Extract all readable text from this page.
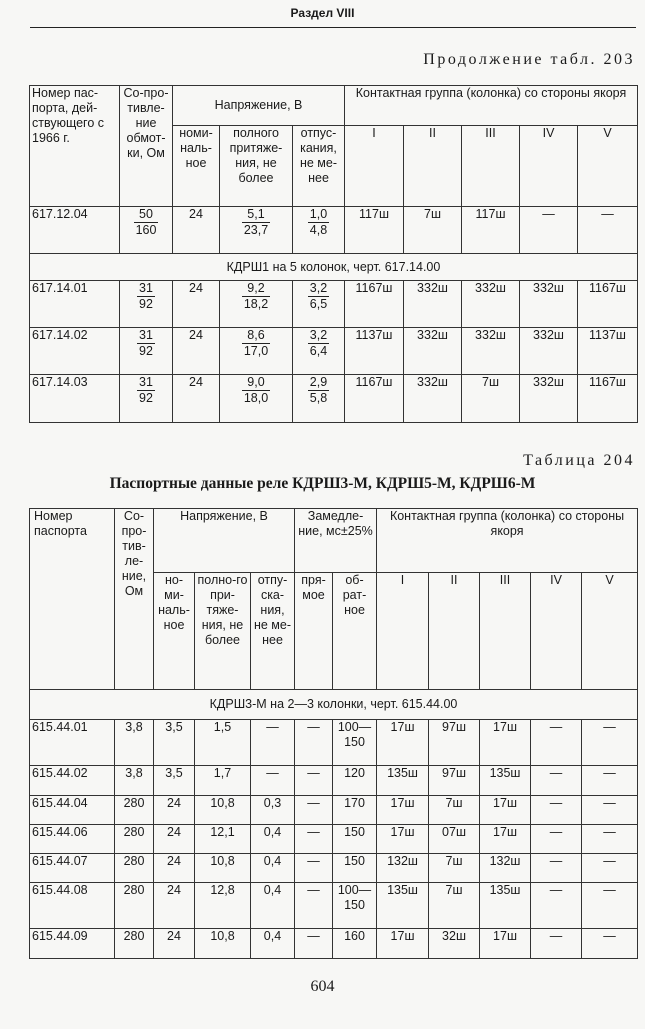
Раздел VIII
Продолжение табл. 203
Номер пас-порта, дей-ствующего с 1966 г.	Со-про-тивле-ние обмот-ки, Ом	Напряжение, В			Контактная группа (колонка) со стороны якоря				
		номи-наль-ное	полного притяже-ния, не более	отпус-кания, не ме-нее	I	II	III	IV	V
617.12.04	$\frac{50}{160}$	24	$\frac{5,1}{23,7}$	$\frac{1,0}{4,8}$	117ш	7ш	117ш	—	—
КДРШ1 на 5 колонок, черт. 617.14.00									
617.14.01	$\frac{31}{92}$	24	$\frac{9,2}{18,2}$	$\frac{3,2}{6,5}$	1167ш	332ш	332ш	332ш	1167ш
617.14.02	$\frac{31}{92}$	24	$\frac{8,6}{17,0}$	$\frac{3,2}{6,4}$	1137ш	332ш	332ш	332ш	1137ш
617.14.03	$\frac{31}{92}$	24	$\frac{9,0}{18,0}$	$\frac{2,9}{5,8}$	1167ш	332ш	7ш	332ш	1167ш
Таблица 204
Паспортные данные реле КДРШ3-М, КДРШ5-М, КДРШ6-М
Номер паспорта	Со-про-тив-ле-ние, Ом	Напряжение, В			Замедле-ние, мс±25%		Контактная группа (колонка) со стороны якоря				
		но-ми-наль-ное	полно-го при-тяже-ния, не более	отпу-ска-ния, не ме-нее	пря-мое	об-рат-ное	I	II	III	IV	V
КДРШ3-М на 2—3 колонки, черт. 615.44.00											
615.44.01	3,8	3,5	1,5	—	—	100—150	17ш	97ш	17ш	—	—
615.44.02	3,8	3,5	1,7	—	—	120	135ш	97ш	135ш	—	—
615.44.04	280	24	10,8	0,3	—	170	17ш	7ш	17ш	—	—
615.44.06	280	24	12,1	0,4	—	150	17ш	07ш	17ш	—	—
615.44.07	280	24	10,8	0,4	—	150	132ш	7ш	132ш	—	—
615.44.08	280	24	12,8	0,4	—	100—150	135ш	7ш	135ш	—	—
615.44.09	280	24	10,8	0,4	—	160	17ш	32ш	17ш	—	—
604
